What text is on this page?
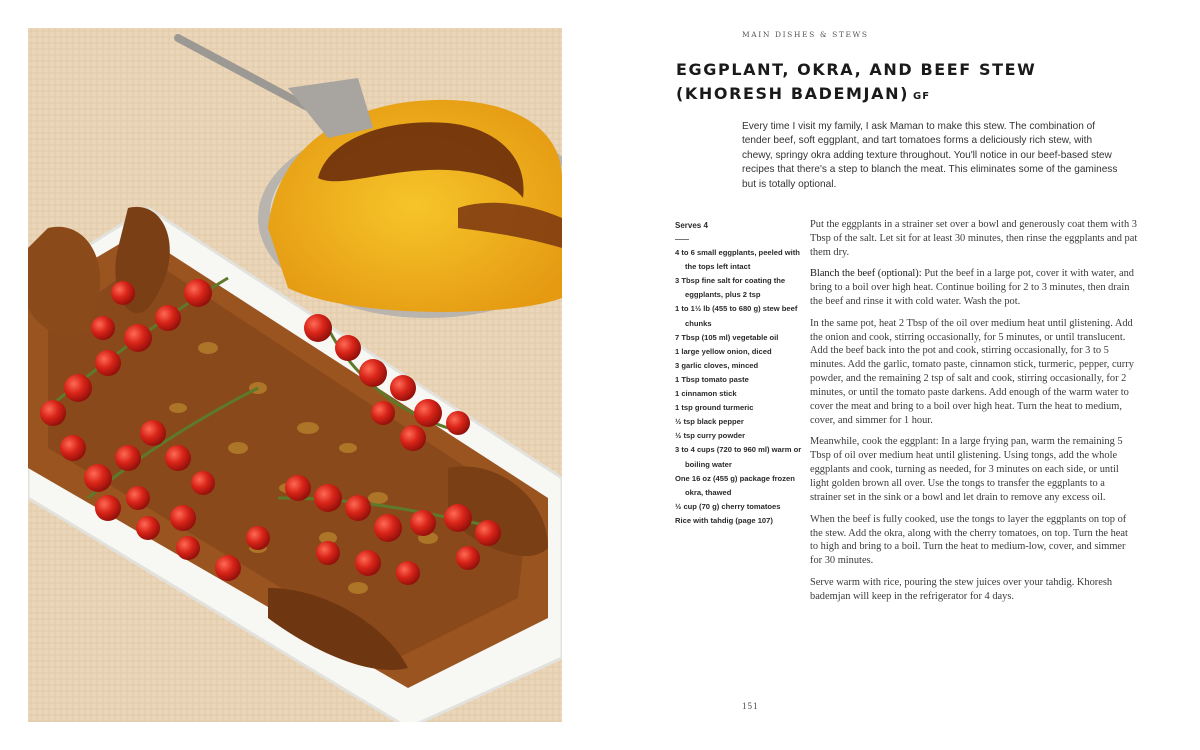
MAIN DISHES & STEWS
EGGPLANT, OKRA, AND BEEF STEW (KHORESH BADEMJAN) GF
Every time I visit my family, I ask Maman to make this stew. The combination of tender beef, soft eggplant, and tart tomatoes forms a deliciously rich stew, with chewy, springy okra adding texture throughout. You'll notice in our beef-based stew recipes that there's a step to blanch the meat. This eliminates some of the gaminess but is totally optional.
Serves 4
4 to 6 small eggplants, peeled with the tops left intact
3 Tbsp fine salt for coating the eggplants, plus 2 tsp
1 to 1½ lb (455 to 680 g) stew beef chunks
7 Tbsp (105 ml) vegetable oil
1 large yellow onion, diced
3 garlic cloves, minced
1 Tbsp tomato paste
1 cinnamon stick
1 tsp ground turmeric
½ tsp black pepper
½ tsp curry powder
3 to 4 cups (720 to 960 ml) warm or boiling water
One 16 oz (455 g) package frozen okra, thawed
½ cup (70 g) cherry tomatoes
Rice with tahdig (page 107)

Put the eggplants in a strainer set over a bowl and generously coat them with 3 Tbsp of the salt. Let sit for at least 30 minutes, then rinse the eggplants and pat them dry.

Blanch the beef (optional): Put the beef in a large pot, cover it with water, and bring to a boil over high heat. Continue boiling for 2 to 3 minutes, then drain the beef and rinse it with cold water. Wash the pot.

In the same pot, heat 2 Tbsp of the oil over medium heat until glistening. Add the onion and cook, stirring occasionally, for 5 minutes, or until translucent. Add the beef back into the pot and cook, stirring occasionally, for 3 to 5 minutes. Add the garlic, tomato paste, cinnamon stick, turmeric, pepper, curry powder, and the remaining 2 tsp of salt and cook, stirring occasionally, for 2 minutes, or until the tomato paste darkens. Add enough of the warm water to cover the meat and bring to a boil over high heat. Turn the heat to medium, cover, and simmer for 1 hour.

Meanwhile, cook the eggplant: In a large frying pan, warm the remaining 5 Tbsp of oil over medium heat until glistening. Using tongs, add the whole eggplants and cook, turning as needed, for 3 minutes on each side, or until light golden brown all over. Use the tongs to transfer the eggplants to a strainer set in the sink or a bowl and let drain to remove any excess oil.

When the beef is fully cooked, use the tongs to layer the eggplants on top of the stew. Add the okra, along with the cherry tomatoes, on top. Turn the heat to high and bring to a boil. Turn the heat to medium-low, cover, and simmer for 30 minutes.

Serve warm with rice, pouring the stew juices over your tahdig. Khoresh bademjan will keep in the refrigerator for 4 days.

151
